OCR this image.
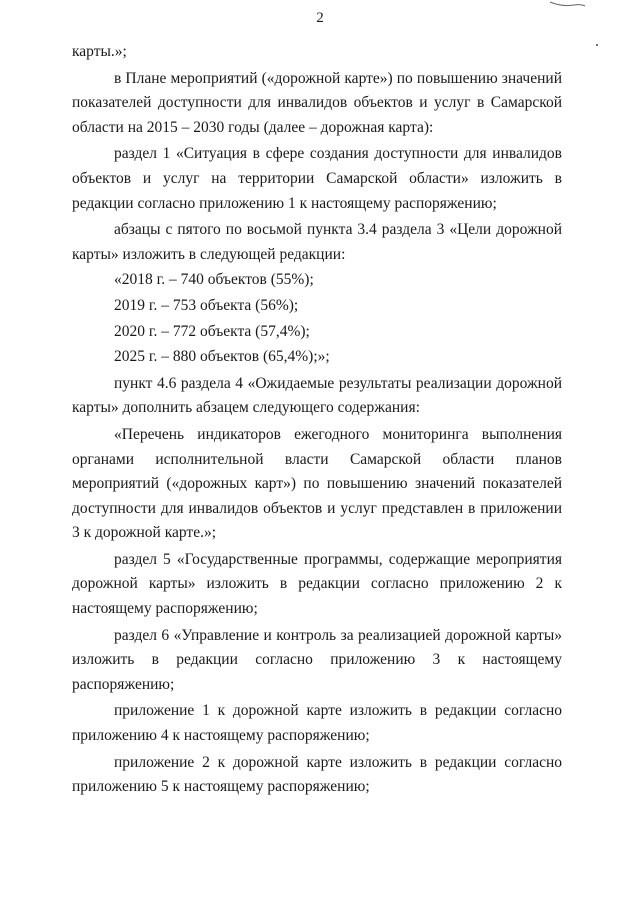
2

карты.»;

в Плане мероприятий («дорожной карте») по повышению значений показателей доступности для инвалидов объектов и услуг в Самарской области на 2015 – 2030 годы (далее – дорожная карта):

раздел 1 «Ситуация в сфере создания доступности для инвалидов объектов и услуг на территории Самарской области» изложить в редакции согласно приложению 1 к настоящему распоряжению;

абзацы с пятого по восьмой пункта 3.4 раздела 3 «Цели дорожной карты» изложить в следующей редакции:

«2018 г. – 740 объектов (55%);

2019 г. – 753 объекта (56%);

2020 г. – 772 объекта (57,4%);

2025 г. – 880 объектов (65,4%);»;

пункт 4.6 раздела 4 «Ожидаемые результаты реализации дорожной карты» дополнить абзацем следующего содержания:

«Перечень индикаторов ежегодного мониторинга выполнения органами исполнительной власти Самарской области планов мероприятий («дорожных карт») по повышению значений показателей доступности для инвалидов объектов и услуг представлен в приложении 3 к дорожной карте.»;

раздел 5 «Государственные программы, содержащие мероприятия дорожной карты» изложить в редакции согласно приложению 2 к настоящему распоряжению;

раздел 6 «Управление и контроль за реализацией дорожной карты»

изложить в редакции согласно приложению 3 к настоящему

распоряжению;

приложение 1 к дорожной карте изложить в редакции согласно приложению 4 к настоящему распоряжению;

приложение 2 к дорожной карте изложить в редакции согласно приложению 5 к настоящему распоряжению;
